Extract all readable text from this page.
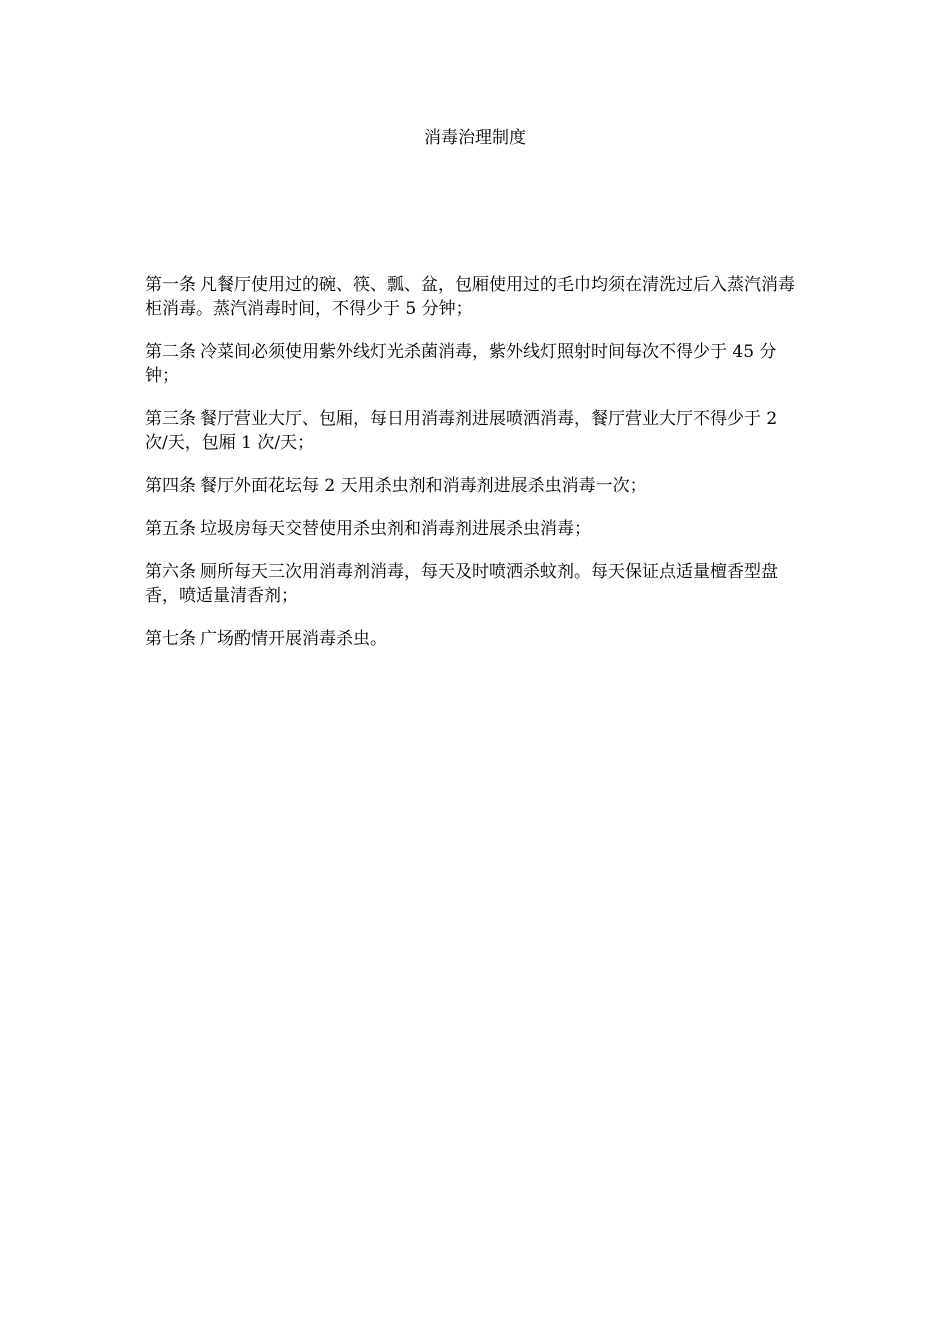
消毒治理制度

第一条 凡餐厅使用过的碗、筷、瓢、盆，包厢使用过的毛巾均须在清洗过后入蒸汽消毒柜消毒。蒸汽消毒时间，不得少于 5 分钟；

第二条 冷菜间必须使用紫外线灯光杀菌消毒，紫外线灯照射时间每次不得少于 45 分钟；

第三条 餐厅营业大厅、包厢，每日用消毒剂进展喷洒消毒，餐厅营业大厅不得少于 2 次/天，包厢 1 次/天；

第四条 餐厅外面花坛每 2 天用杀虫剂和消毒剂进展杀虫消毒一次；

第五条 垃圾房每天交替使用杀虫剂和消毒剂进展杀虫消毒；

第六条 厕所每天三次用消毒剂消毒，每天及时喷洒杀蚊剂。每天保证点适量檀香型盘香，喷适量清香剂；

第七条 广场酌情开展消毒杀虫。
